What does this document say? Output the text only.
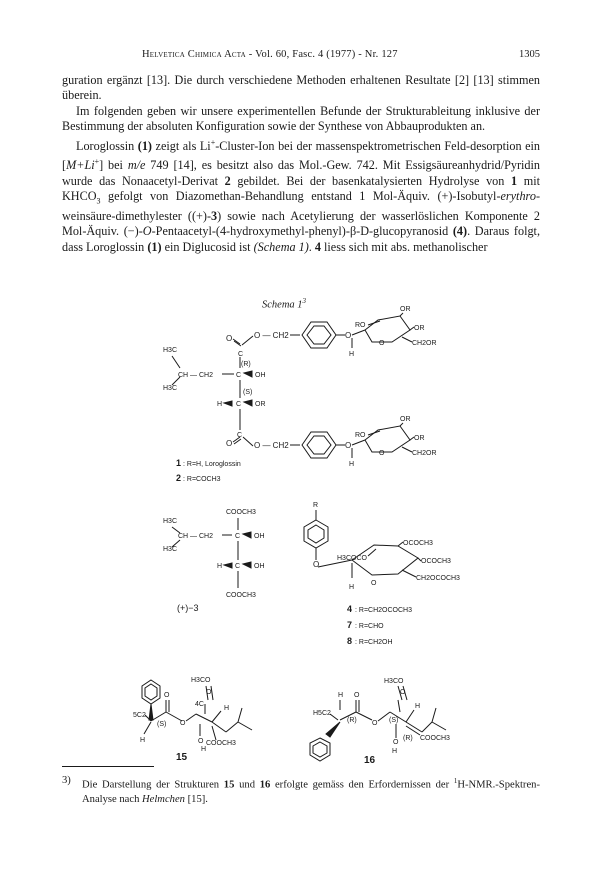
Helvetica Chimica Acta - Vol. 60, Fasc. 4 (1977) - Nr. 127	1305

guration ergänzt [13]. Die durch verschiedene Methoden erhaltenen Resultate [2] [13] stimmen überein.

Im folgenden geben wir unsere experimentellen Befunde der Strukturableitung inklusive der Bestimmung der absoluten Konfiguration sowie der Synthese von Abbauprodukten an.

Loroglossin (1) zeigt als Li+-Cluster-Ion bei der massenspektrometrischen Feld-desorption ein [M+Li+] bei m/e 749 [14], es besitzt also das Mol.-Gew. 742. Mit Essigsäureanhydrid/Pyridin wurde das Nonaacetyl-Derivat 2 gebildet. Bei der basenkatalysierten Hydrolyse von 1 mit $KHCO_3$ gefolgt von Diazomethan-Behandlung entstand 1 Mol-Äquiv. (+)-Isobutyl-erythro-weinsäure-dimethylester ((+)-3) sowie nach Acetylierung der wasserlöslichen Komponente 2 Mol-Äquiv. (−)-O-Pentaacetyl-(4-hydroxymethyl-phenyl)-β-D-glucopyranosid (4). Daraus folgt, dass Loroglossin (1) ein Diglucosid ist (Schema 1). 4 liess sich mit abs. methanolischer

Schema $1^3$
O
C
O — CH2	O
O
RO
OR
OR
CH2OR
H
(R)
H3C
CH — CH2
H3C
C OH
(S)
H C OR
C
O	O — CH2	O
O
RO
OR
OR
CH2OR
H
1 : R=H, Loroglossin
2 : R=COCH3
COOCH3
H3C
CH — CH2
H3C
C OH
H C OH
COOCH3
(+)−3
R
O
O
H3COCO
OCOCH3
OCOCH3
CH2OCOCH3
H
4 : R=CH2OCOCH3
7 : R=CHO
8 : R=CH2OH
5C2
(S)
H
O
O
H3CO
O
4C
H
O
H
COOCH3
15
H5C2
H
(R)
O
O
H3CO
O
(S)
H
(R) COOCH3
O
H
16
3) Die Darstellung der Strukturen 15 und 16 erfolgte gemäss den Erfordernissen der $^1$H-NMR.-Spektren-Analyse nach Helmchen [15].
